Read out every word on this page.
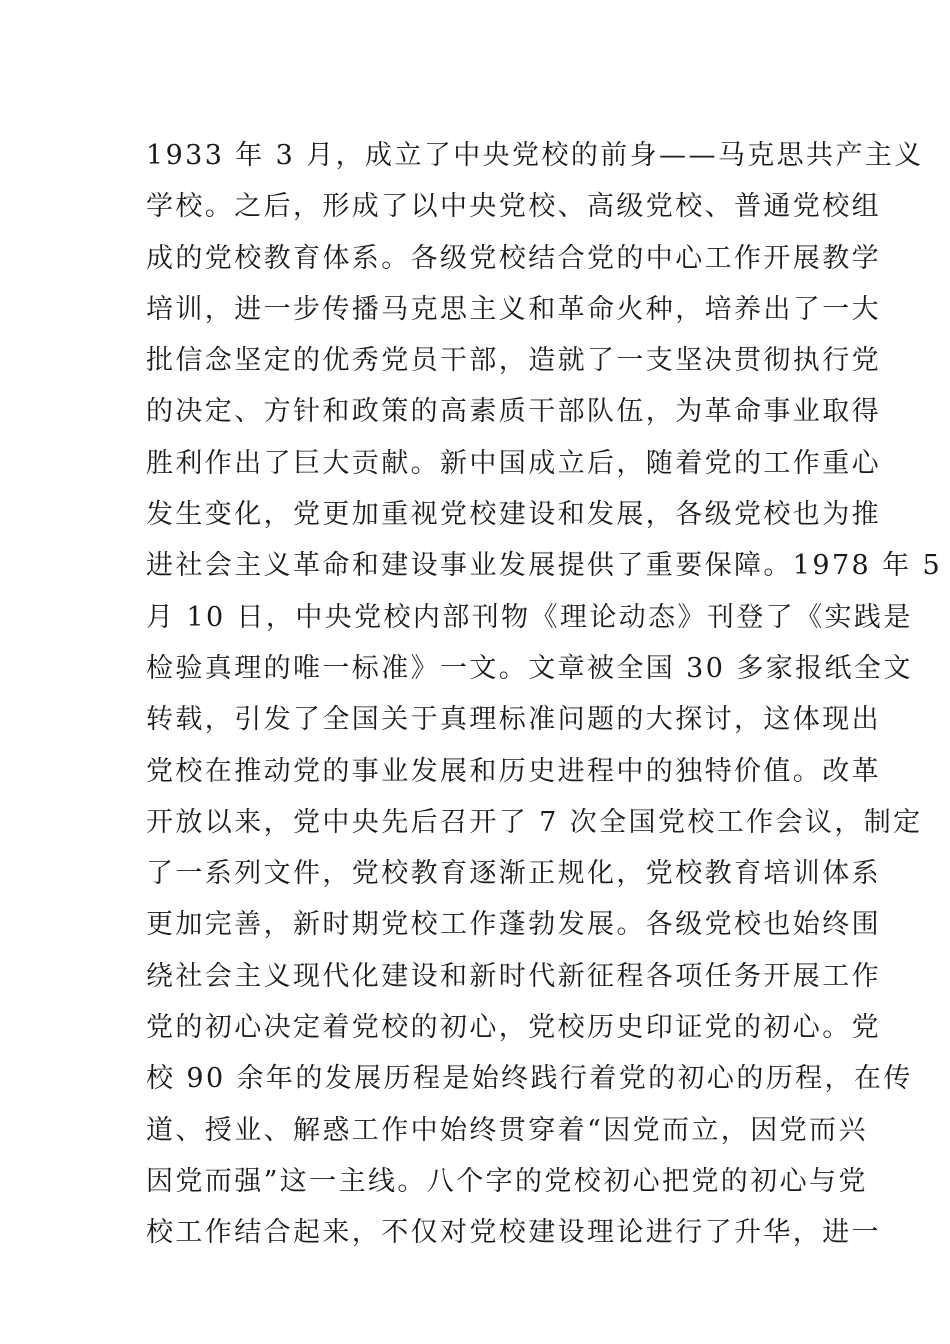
1933 年 3 月，成立了中央党校的前身——马克思共产主义
学校。之后，形成了以中央党校、高级党校、普通党校组
成的党校教育体系。各级党校结合党的中心工作开展教学
培训，进一步传播马克思主义和革命火种，培养出了一大
批信念坚定的优秀党员干部，造就了一支坚决贯彻执行党
的决定、方针和政策的高素质干部队伍，为革命事业取得
胜利作出了巨大贡献。新中国成立后，随着党的工作重心
发生变化，党更加重视党校建设和发展，各级党校也为推
进社会主义革命和建设事业发展提供了重要保障。1978 年 5
月 10 日，中央党校内部刊物《理论动态》刊登了《实践是
检验真理的唯一标准》一文。文章被全国 30 多家报纸全文
转载，引发了全国关于真理标准问题的大探讨，这体现出
党校在推动党的事业发展和历史进程中的独特价值。改革
开放以来，党中央先后召开了 7 次全国党校工作会议，制定
了一系列文件，党校教育逐渐正规化，党校教育培训体系
更加完善，新时期党校工作蓬勃发展。各级党校也始终围
绕社会主义现代化建设和新时代新征程各项任务开展工作
党的初心决定着党校的初心，党校历史印证党的初心。党
校 90 余年的发展历程是始终践行着党的初心的历程，在传
道、授业、解惑工作中始终贯穿着“因党而立，因党而兴
因党而强”这一主线。八个字的党校初心把党的初心与党
校工作结合起来，不仅对党校建设理论进行了升华，进一
